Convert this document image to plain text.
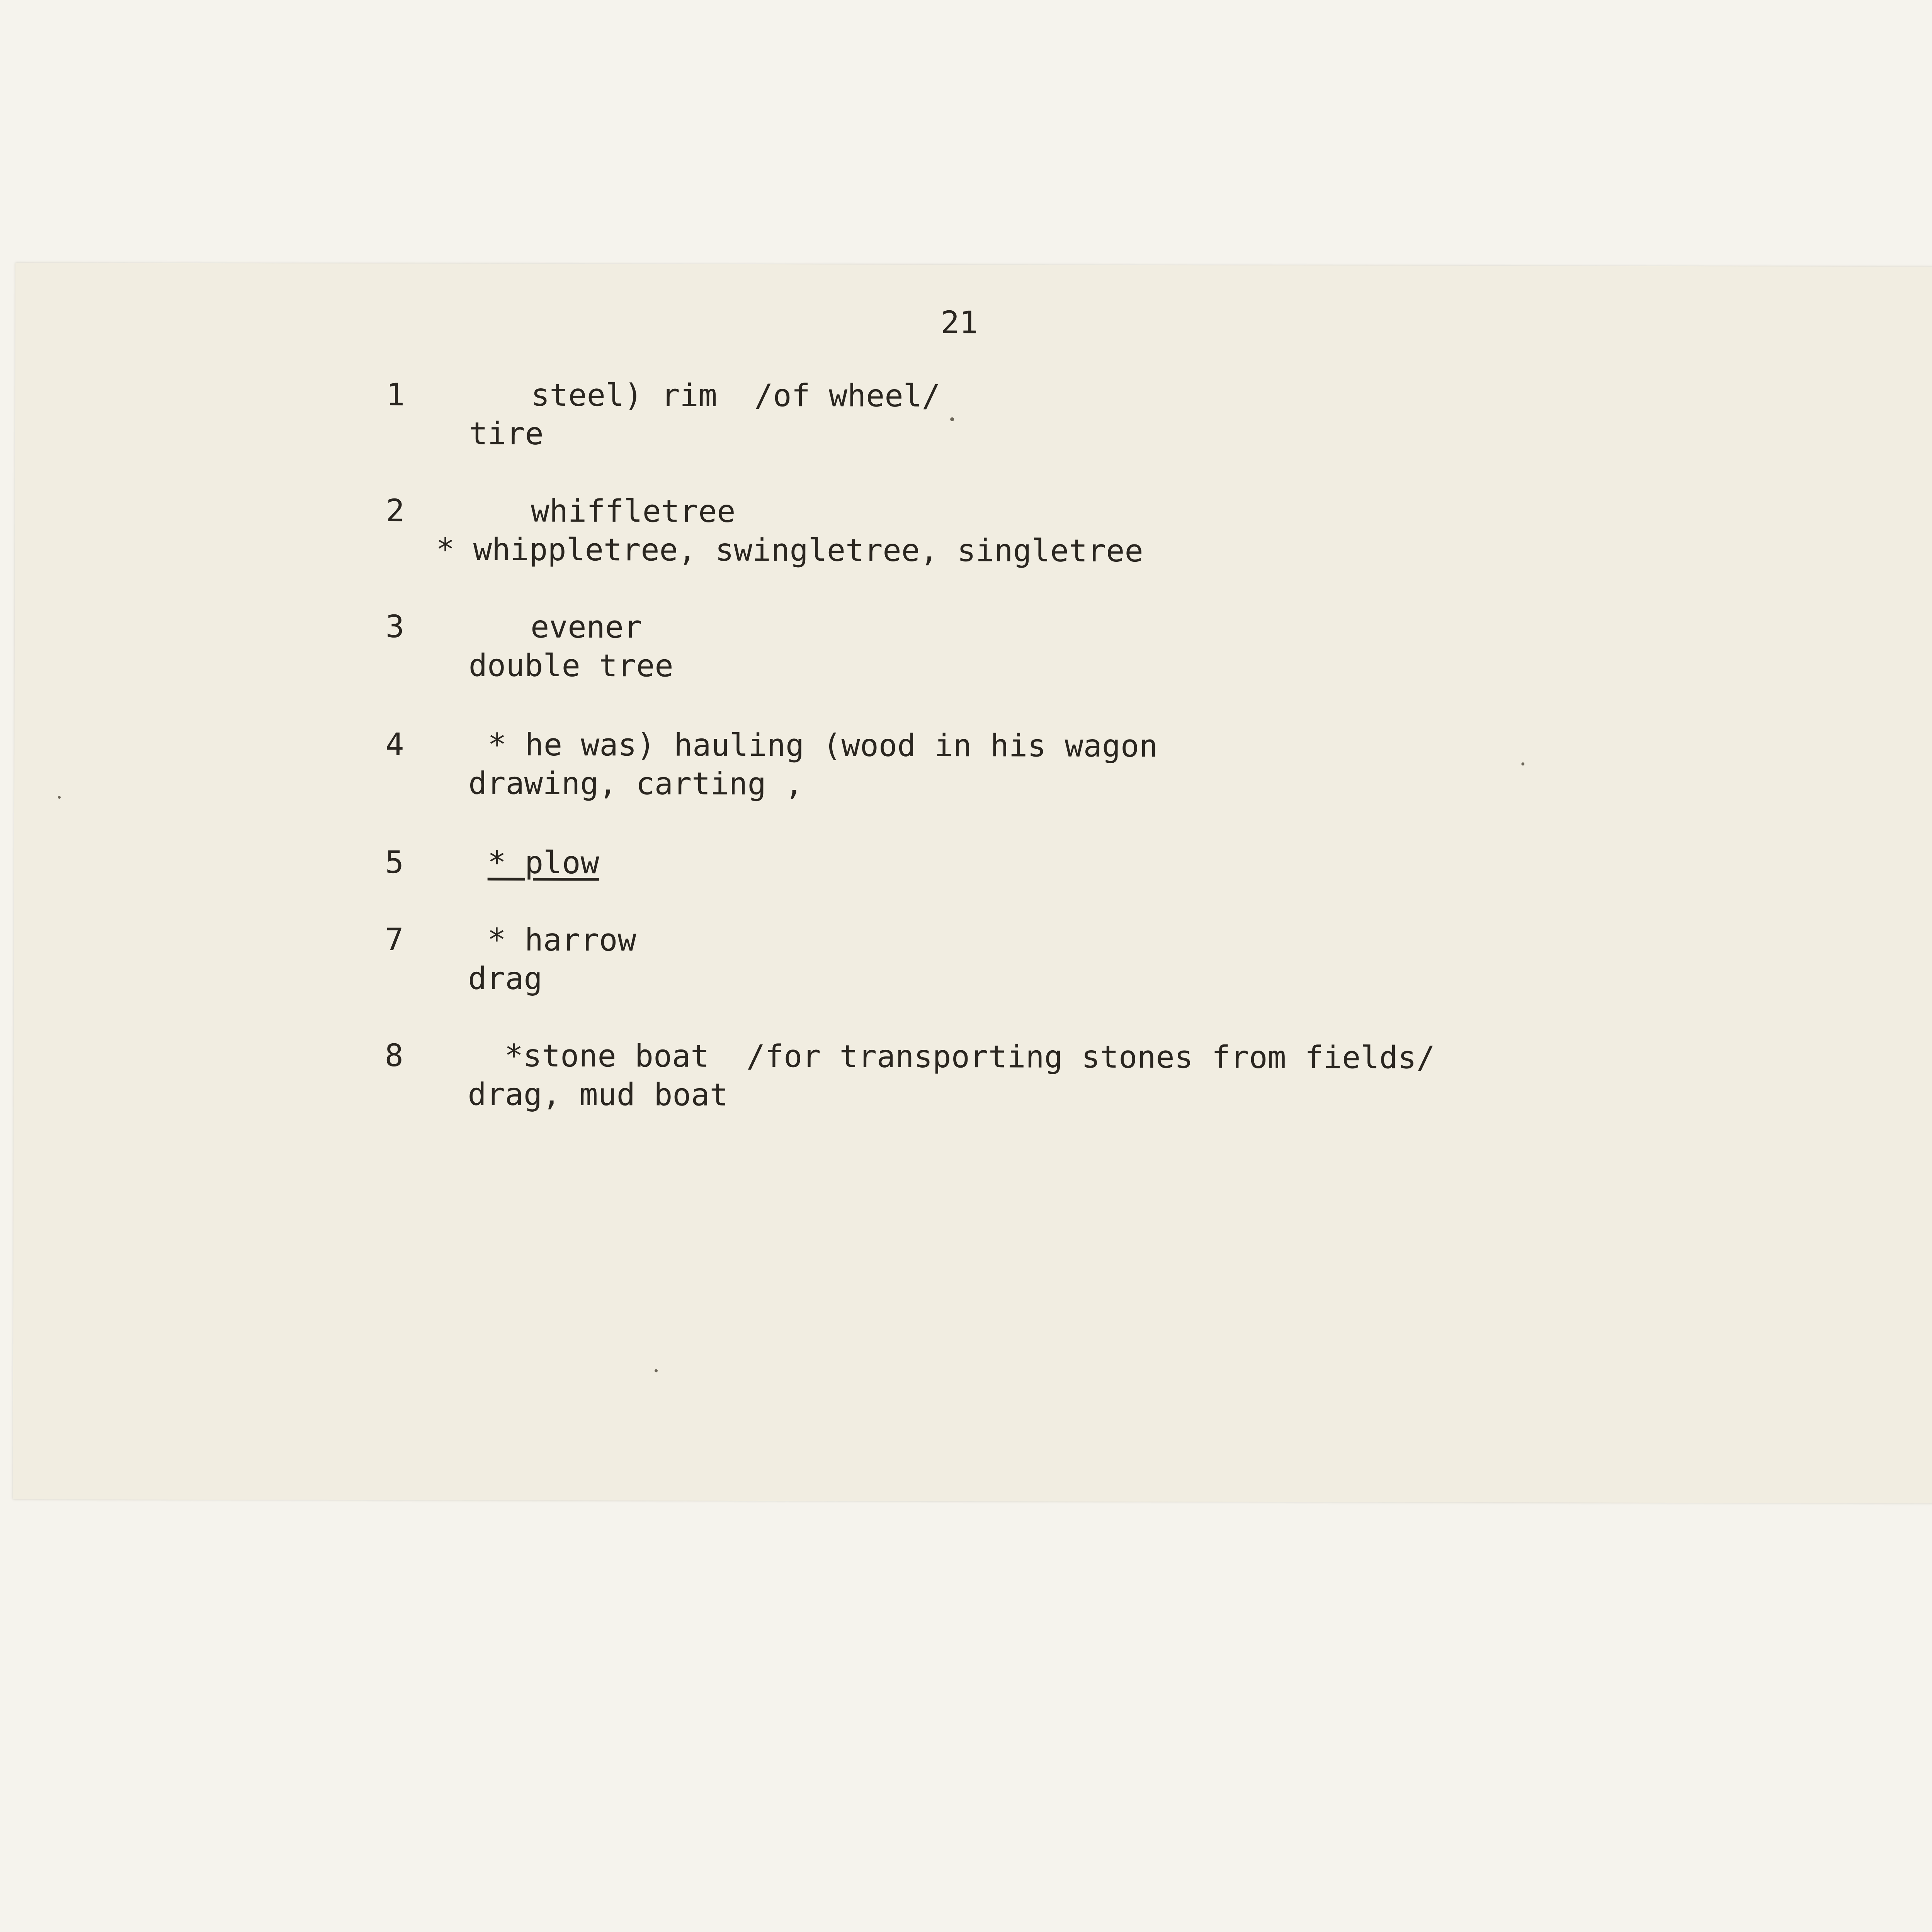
21
1	steel) rim  /of wheel/
tire
2	whiffletree
* whippletree, swingletree, singletree
3	evener
double tree
4	* he was) hauling (wood in his wagon
drawing, carting ,
5	* plow
7	* harrow
drag
8	*stone boat  /for transporting stones from fields/
drag, mud boat
